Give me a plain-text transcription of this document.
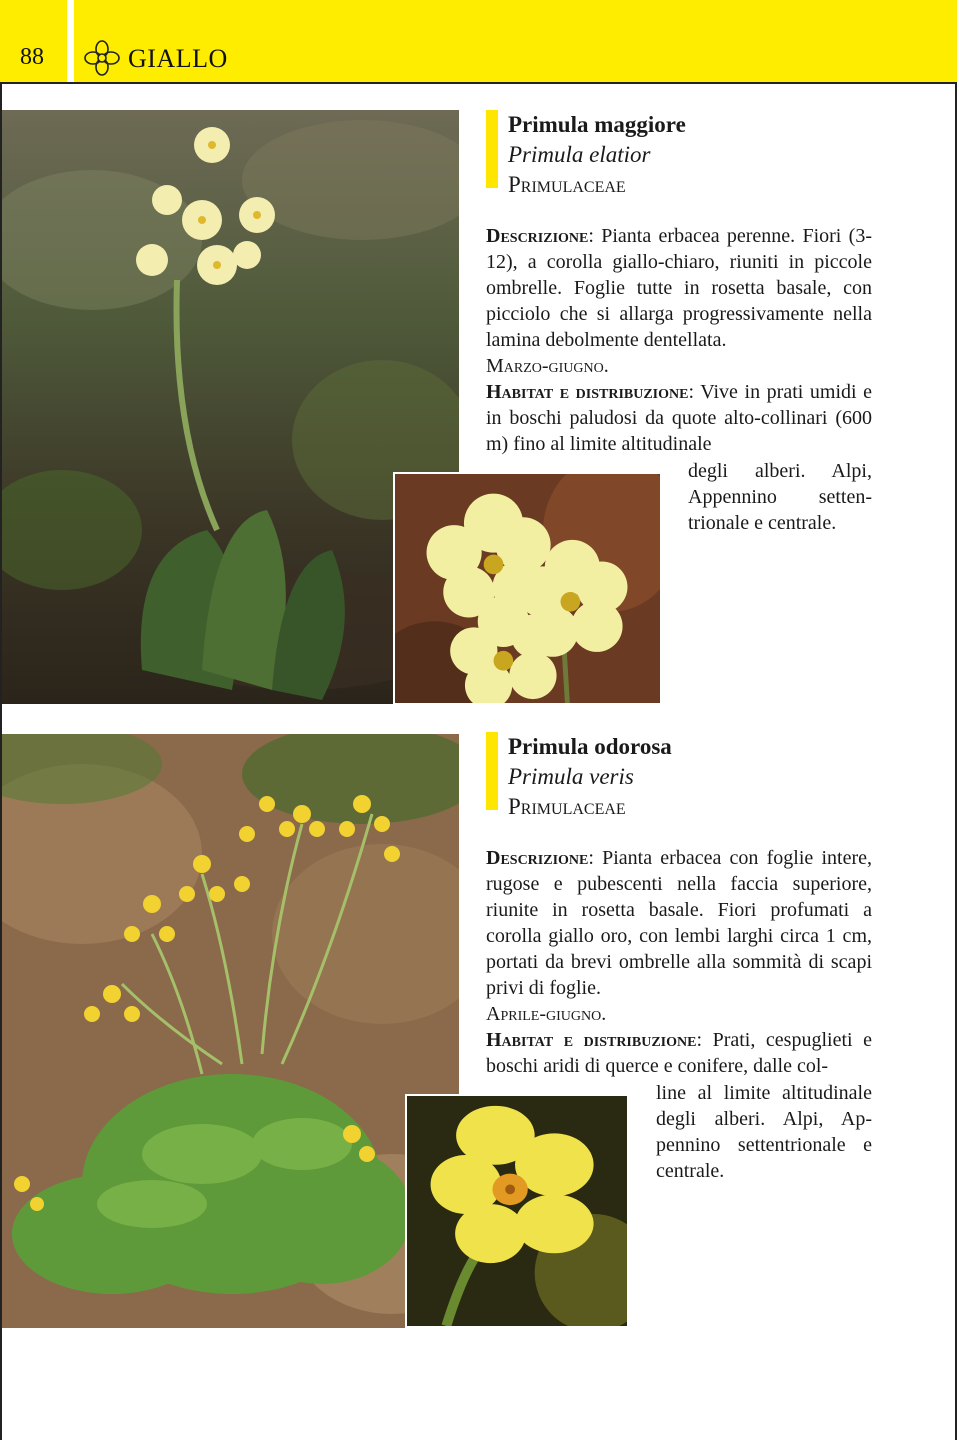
88	GIALLO
Primula maggiore
Primula elatior
Primulaceae
Descrizione: Pianta erbacea perenne. Fiori (3-12), a corolla giallo-chiaro, riuniti in piccole ombrelle. Foglie tutte in rosetta basale, con picciolo che si allarga progressivamente nella lamina debolmente dentellata.
Marzo-giugno.
Habitat e distribuzione: Vive in prati umidi e in boschi paludosi da quote alto-collinari (600 m) fino al limite altitudinale
degli alberi. Alpi,
Appennino setten-
trionale e centrale.
Primula odorosa
Primula veris
Primulaceae
Descrizione: Pianta erbacea con foglie intere, rugose e pubescenti nella faccia superiore, riunite in rosetta basale. Fiori profumati a corolla giallo oro, con lembi larghi circa 1 cm, portati da brevi ombrelle alla sommità di scapi privi di foglie.
Aprile-giugno.
Habitat e distribuzione: Prati, cespuglieti e boschi aridi di querce e conifere, dalle col-
line al limite altitudinale
degli alberi. Alpi, Ap-
pennino settentrionale e
centrale.
